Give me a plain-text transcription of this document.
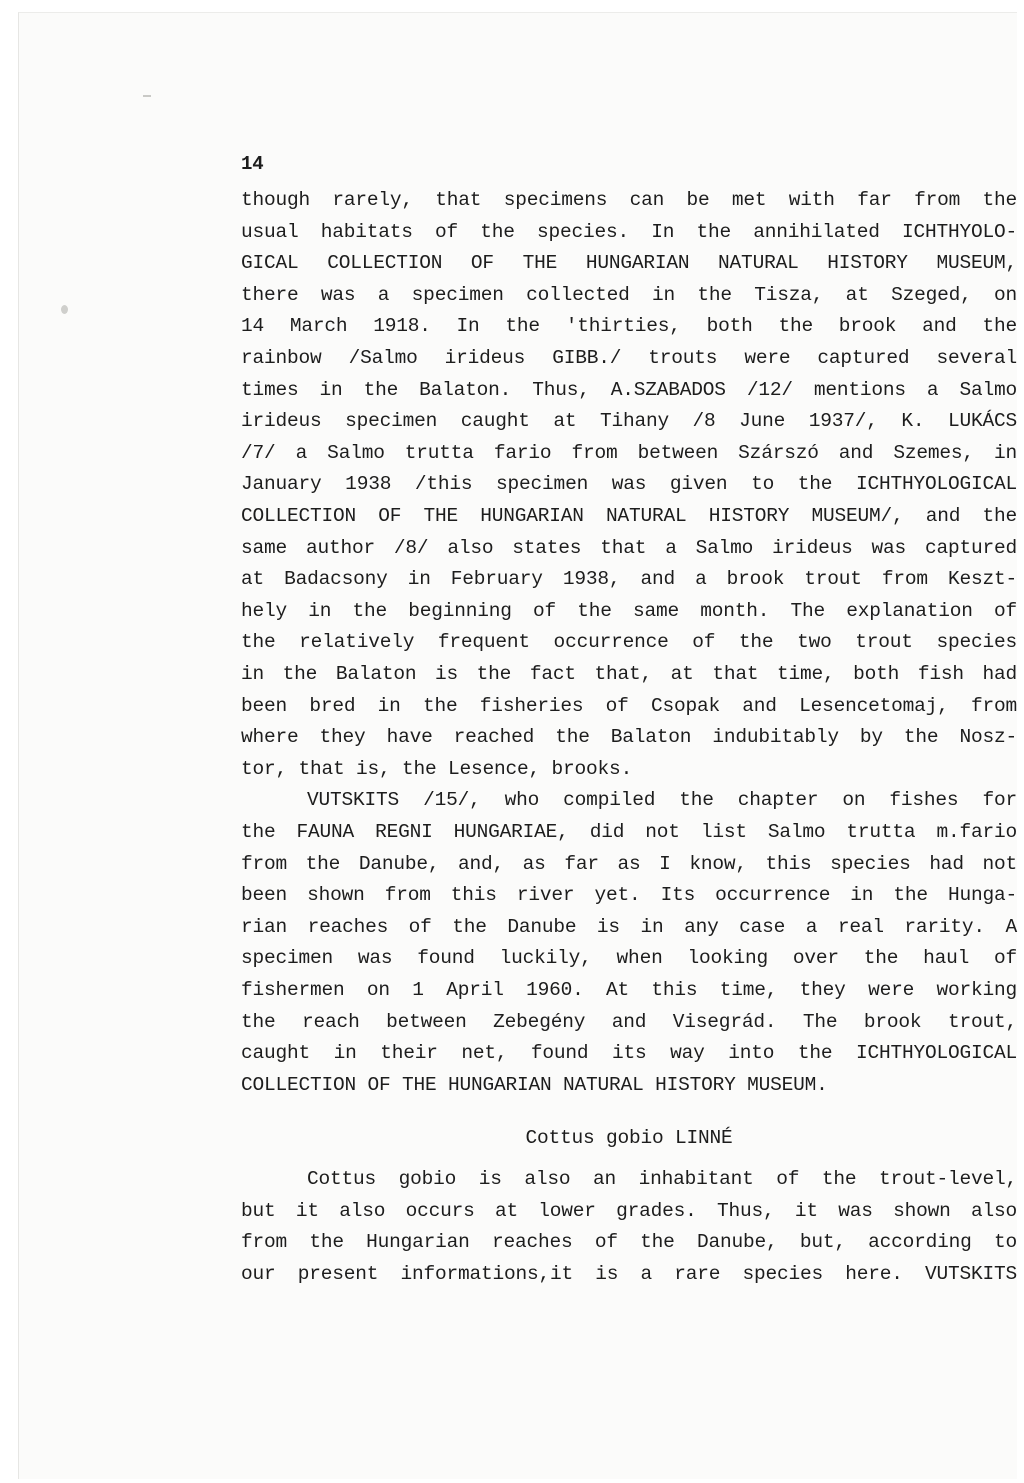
14

though rarely, that specimens can be met with far from the

usual habitats of the species. In the annihilated ICHTHYOLO-

GICAL COLLECTION OF THE HUNGARIAN NATURAL HISTORY MUSEUM,

there was a specimen collected in the Tisza, at Szeged, on

14 March 1918. In the 'thirties, both the brook and the

rainbow /Salmo irideus GIBB./ trouts were captured several

times in the Balaton. Thus, A.SZABADOS /12/ mentions a Salmo

irideus specimen caught at Tihany /8 June 1937/, K. LUKÁCS

/7/ a Salmo trutta fario from between Szárszó and Szemes, in

January 1938 /this specimen was given to the ICHTHYOLOGICAL

COLLECTION OF THE HUNGARIAN NATURAL HISTORY MUSEUM/, and the

same author /8/ also states that a Salmo irideus was captured

at Badacsony in February 1938, and a brook trout from Keszt-

hely in the beginning of the same month. The explanation of

the relatively frequent occurrence of the two trout species

in the Balaton is the fact that, at that time, both fish had

been bred in the fisheries of Csopak and Lesencetomaj, from

where they have reached the Balaton indubitably by the Nosz-

tor, that is, the Lesence, brooks.

VUTSKITS /15/, who compiled the chapter on fishes for

the FAUNA REGNI HUNGARIAE, did not list Salmo trutta m.fario

from the Danube, and, as far as I know, this species had not

been shown from this river yet. Its occurrence in the Hunga-

rian reaches of the Danube is in any case a real rarity. A

specimen was found luckily, when looking over the haul of

fishermen on 1 April 1960. At this time, they were working

the reach between Zebegény and Visegrád. The brook trout,

caught in their net, found its way into the ICHTHYOLOGICAL

COLLECTION OF THE HUNGARIAN NATURAL HISTORY MUSEUM.

Cottus gobio LINNÉ

Cottus gobio is also an inhabitant of the trout-level,

but it also occurs at lower grades. Thus, it was shown also

from the Hungarian reaches of the Danube, but, according to

our present informations,it is a rare species here. VUTSKITS
